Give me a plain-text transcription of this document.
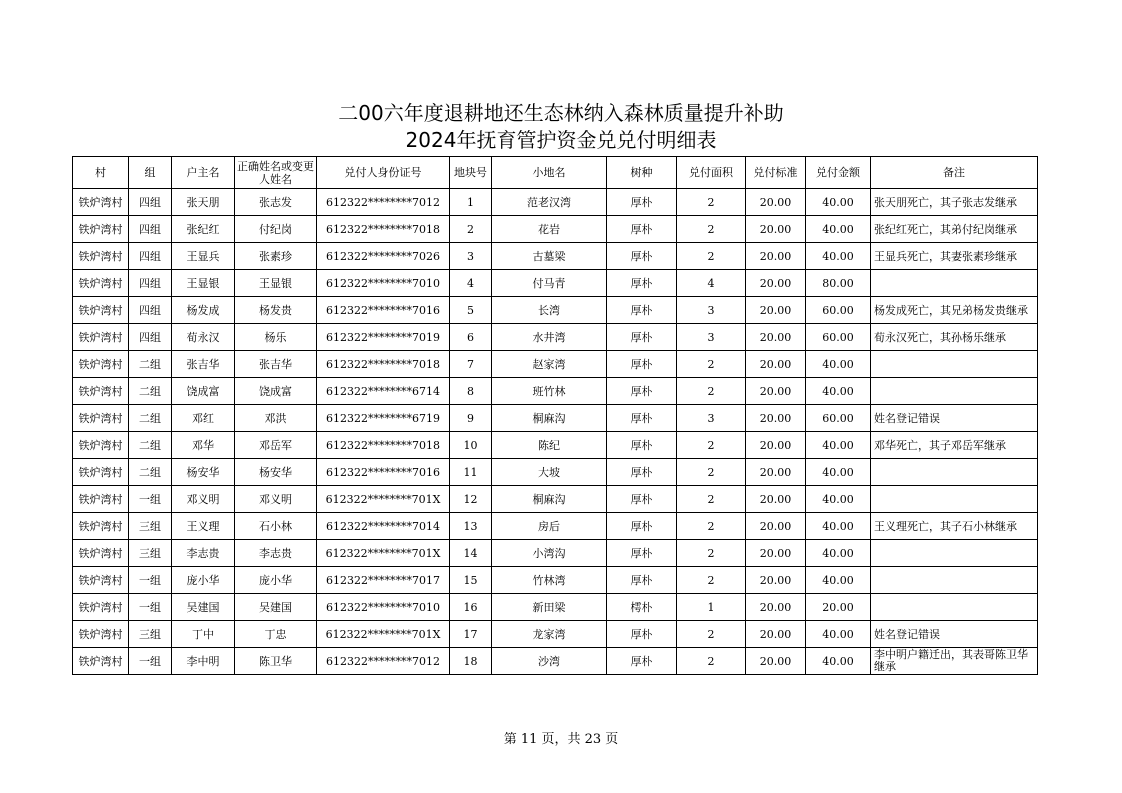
二00六年度退耕地还生态林纳入森林质量提升补助
2024年抚育管护资金兑兑付明细表
村	组	户主名	正确姓名或变更人姓名	兑付人身份证号	地块号	小地名	树种	兑付面积	兑付标准	兑付金额	备注
铁炉湾村	四组	张天朋	张志发	612322********7012	1	范老汉湾	厚朴	2	20.00	40.00	张天朋死亡，其子张志发继承
铁炉湾村	四组	张纪红	付纪岗	612322********7018	2	花岩	厚朴	2	20.00	40.00	张纪红死亡，其弟付纪岗继承
铁炉湾村	四组	王显兵	张素珍	612322********7026	3	古墓梁	厚朴	2	20.00	40.00	王显兵死亡，其妻张素珍继承
铁炉湾村	四组	王显银	王显银	612322********7010	4	付马青	厚朴	4	20.00	80.00	
铁炉湾村	四组	杨发成	杨发贵	612322********7016	5	长湾	厚朴	3	20.00	60.00	杨发成死亡，其兄弟杨发贵继承
铁炉湾村	四组	荀永汉	杨乐	612322********7019	6	水井湾	厚朴	3	20.00	60.00	荀永汉死亡，其孙杨乐继承
铁炉湾村	二组	张吉华	张吉华	612322********7018	7	赵家湾	厚朴	2	20.00	40.00	
铁炉湾村	二组	饶成富	饶成富	612322********6714	8	班竹林	厚朴	2	20.00	40.00	
铁炉湾村	二组	邓红	邓洪	612322********6719	9	桐麻沟	厚朴	3	20.00	60.00	姓名登记错误
铁炉湾村	二组	邓华	邓岳军	612322********7018	10	陈纪	厚朴	2	20.00	40.00	邓华死亡，其子邓岳军继承
铁炉湾村	二组	杨安华	杨安华	612322********7016	11	大坡	厚朴	2	20.00	40.00	
铁炉湾村	一组	邓义明	邓义明	612322********701X	12	桐麻沟	厚朴	2	20.00	40.00	
铁炉湾村	三组	王义理	石小林	612322********7014	13	房后	厚朴	2	20.00	40.00	王义理死亡，其子石小林继承
铁炉湾村	三组	李志贵	李志贵	612322********701X	14	小湾沟	厚朴	2	20.00	40.00	
铁炉湾村	一组	庞小华	庞小华	612322********7017	15	竹林湾	厚朴	2	20.00	40.00	
铁炉湾村	一组	吴建国	吴建国	612322********7010	16	新田梁	樗朴	1	20.00	20.00	
铁炉湾村	三组	丁中	丁忠	612322********701X	17	龙家湾	厚朴	2	20.00	40.00	姓名登记错误
铁炉湾村	一组	李中明	陈卫华	612322********7012	18	沙湾	厚朴	2	20.00	40.00	李中明户籍迁出，其表哥陈卫华继承
第 11 页，共 23 页
